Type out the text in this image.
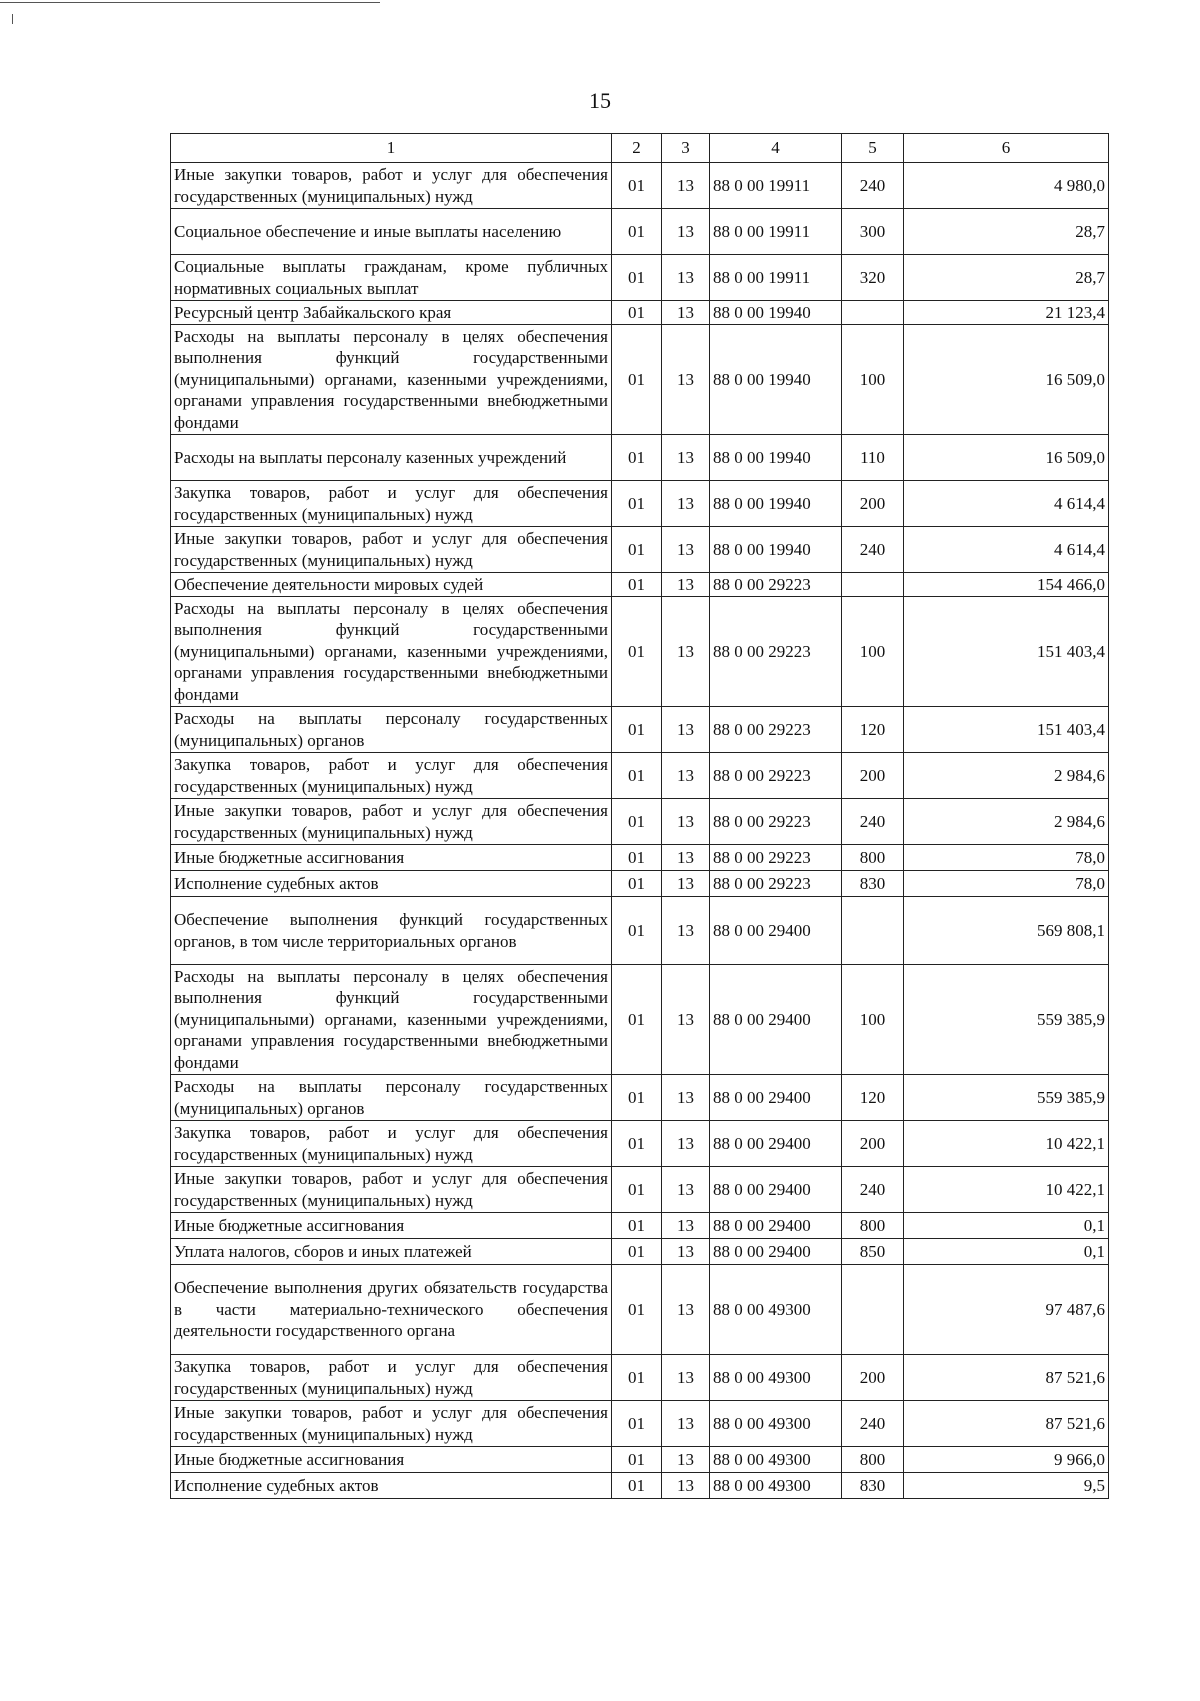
15
1	2	3	4	5	6
Иные закупки товаров, работ и услуг для обеспечения государственных (муниципальных) нужд	01	13	88 0 00 19911	240	4 980,0
Социальное обеспечение и иные выплаты населению	01	13	88 0 00 19911	300	28,7
Социальные выплаты гражданам, кроме публичных нормативных социальных выплат	01	13	88 0 00 19911	320	28,7
Ресурсный центр Забайкальского края	01	13	88 0 00 19940		21 123,4
Расходы на выплаты персоналу в целях обеспечения выполнения функций государственными (муниципальными) органами, казенными учреждениями, органами управления государственными внебюджетными фондами	01	13	88 0 00 19940	100	16 509,0
Расходы на выплаты персоналу казенных учреждений	01	13	88 0 00 19940	110	16 509,0
Закупка товаров, работ и услуг для обеспечения государственных (муниципальных) нужд	01	13	88 0 00 19940	200	4 614,4
Иные закупки товаров, работ и услуг для обеспечения государственных (муниципальных) нужд	01	13	88 0 00 19940	240	4 614,4
Обеспечение деятельности мировых судей	01	13	88 0 00 29223		154 466,0
Расходы на выплаты персоналу в целях обеспечения выполнения функций государственными (муниципальными) органами, казенными учреждениями, органами управления государственными внебюджетными фондами	01	13	88 0 00 29223	100	151 403,4
Расходы на выплаты персоналу государственных (муниципальных) органов	01	13	88 0 00 29223	120	151 403,4
Закупка товаров, работ и услуг для обеспечения государственных (муниципальных) нужд	01	13	88 0 00 29223	200	2 984,6
Иные закупки товаров, работ и услуг для обеспечения государственных (муниципальных) нужд	01	13	88 0 00 29223	240	2 984,6
Иные бюджетные ассигнования	01	13	88 0 00 29223	800	78,0
Исполнение судебных актов	01	13	88 0 00 29223	830	78,0
Обеспечение выполнения функций государственных органов, в том числе территориальных органов	01	13	88 0 00 29400		569 808,1
Расходы на выплаты персоналу в целях обеспечения выполнения функций государственными (муниципальными) органами, казенными учреждениями, органами управления государственными внебюджетными фондами	01	13	88 0 00 29400	100	559 385,9
Расходы на выплаты персоналу государственных (муниципальных) органов	01	13	88 0 00 29400	120	559 385,9
Закупка товаров, работ и услуг для обеспечения государственных (муниципальных) нужд	01	13	88 0 00 29400	200	10 422,1
Иные закупки товаров, работ и услуг для обеспечения государственных (муниципальных) нужд	01	13	88 0 00 29400	240	10 422,1
Иные бюджетные ассигнования	01	13	88 0 00 29400	800	0,1
Уплата налогов, сборов и иных платежей	01	13	88 0 00 29400	850	0,1
Обеспечение выполнения других обязательств государства в части материально-технического обеспечения деятельности государственного органа	01	13	88 0 00 49300		97 487,6
Закупка товаров, работ и услуг для обеспечения государственных (муниципальных) нужд	01	13	88 0 00 49300	200	87 521,6
Иные закупки товаров, работ и услуг для обеспечения государственных (муниципальных) нужд	01	13	88 0 00 49300	240	87 521,6
Иные бюджетные ассигнования	01	13	88 0 00 49300	800	9 966,0
Исполнение судебных актов	01	13	88 0 00 49300	830	9,5
